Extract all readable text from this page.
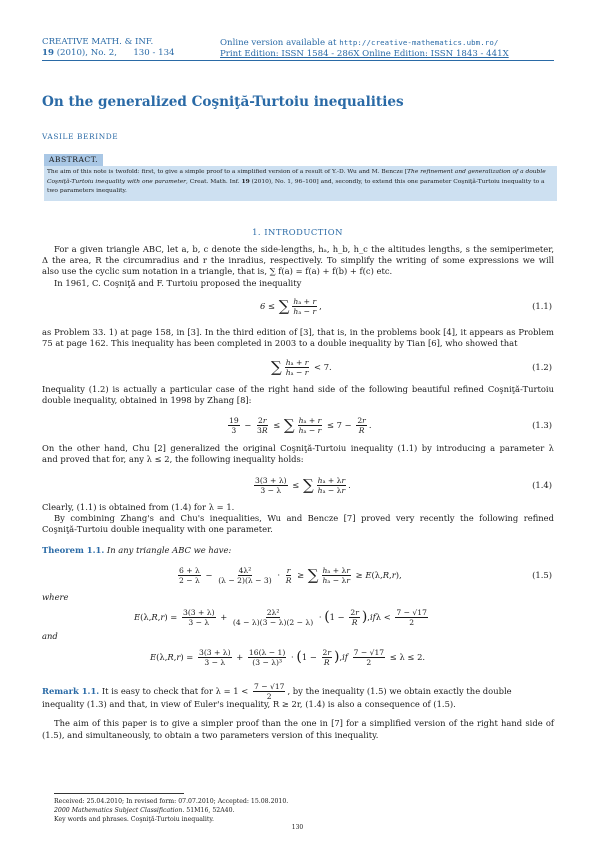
CREATIVE MATH. & INF.
19 (2010), No. 2, 130 - 134
Online version available at http://creative-mathematics.ubm.ro/
Print Edition: ISSN 1584 - 286X Online Edition: ISSN 1843 - 441X
On the generalized Coşniţă-Turtoiu inequalities
VASILE BERINDE
ABSTRACT.
The aim of this note is twofold: first, to give a simple proof to a simplified version of a result of Y.-D. Wu and M. Bencze [The refinement and generalization of a double Coşniţă-Turtoiu inequality with one parameter, Creat. Math. Inf. 19 (2010), No. 1, 96–100] and, secondly, to extend this one parameter Coşniţă-Turtoiu inequality to a two parameters inequality.
1. INTRODUCTION
For a given triangle ABC, let a, b, c denote the side-lengths, hₐ, h_b, h_c the altitudes lengths, s the semiperimeter,
Δ the area, R the circumradius and r the inradius, respectively. To simplify the writing of some expressions we will
also use the cyclic sum notation in a triangle, that is, ∑ f(a) = f(a) + f(b) + f(c) etc.
In 1961, C. Coşniţă and F. Turtoiu proposed the inequality
6 ≤ ∑ $\frac{\text{hₐ + r}}{\text{hₐ − r}}$ ,	(1.1)
as Problem 33. 1) at page 158, in [3]. In the third edition of [3], that is, in the problems book [4], it appears as Problem
75 at page 162. This inequality has been completed in 2003 to a double inequality by Tian [6], who showed that
∑ $\frac{\text{hₐ + r}}{\text{hₐ − r}} < 7$.	(1.2)
Inequality (1.2) is actually a particular case of the right hand side of the following beautiful refined Coşniţă-Turtoiu
double inequality, obtained in 1998 by Zhang [8]:
$\frac{19}{3} - \frac{2r}{3R}$ ≤ ∑ $\frac{\text{hₐ + r}}{\text{hₐ − r}} \le 7 - \frac{2r}{R}$ .	(1.3)
On the other hand, Chu [2] generalized the original Coşniţă-Turtoiu inequality (1.1) by introducing a parameter λ
and proved that for, any λ ≤ 2, the following inequality holds:
$\frac{3(3 + \lambda)}{3 - \lambda}$ ≤ ∑ $\frac{\text{hₐ + λr}}{\text{hₐ − λr}}$ .	(1.4)
Clearly, (1.1) is obtained from (1.4) for λ = 1.
By combining Zhang's and Chu's inequalities, Wu and Bencze [7] proved very recently the following refined
Coşniţă-Turtoiu double inequality with one parameter.
Theorem 1.1. In any triangle ABC we have:
$\frac{6 + \lambda}{2 - \lambda} - \frac{\text{4λ²}}{(\lambda - 2)(\lambda - 3)} \cdot \frac{r}{R}$ ≥ ∑ $\frac{\text{hₐ + λr}}{\text{hₐ − λr}} \ge E$ (λ, R , r ),	(1.5)
where
E (λ, R , r ) = $\frac{3(3 + \lambda)}{3 - \lambda} + \frac{\text{2λ²}}{(4 - \lambda)(3 - \lambda)(2 - \lambda)}$ · ( $1 - \frac{2r}{R}$ ) , if $\lambda < \frac{7 - √17}{2}$
and
E (λ, R , r ) = $\frac{3(3 + \lambda)}{3 - \lambda} + \frac{16(\lambda - 1)}{\text{(3 − λ)³}}$ · ( $1 - \frac{2r}{R}$ ) , if
$\frac{7 - √17}{2} \le \lambda \le 2$.
Remark 1.1.
It is easy to check that for λ = 1 <
$\frac{7 - √17}{2}$ , by the inequality (1.5) we obtain exactly the double
inequality (1.3) and that, in view of Euler's inequality, R ≥ 2r, (1.4) is also a consequence of (1.5).
The aim of this paper is to give a simpler proof than the one in [7] for a simplified version of the right hand side of
(1.5), and simultaneously, to obtain a two parameters version of this inequality.
Received: 25.04.2010; In revised form: 07.07.2010; Accepted: 15.08.2010.
2000 Mathematics Subject Classification. 51M16, 52A40.
Key words and phrases. Coşniţă-Turtoiu inequality.
130
